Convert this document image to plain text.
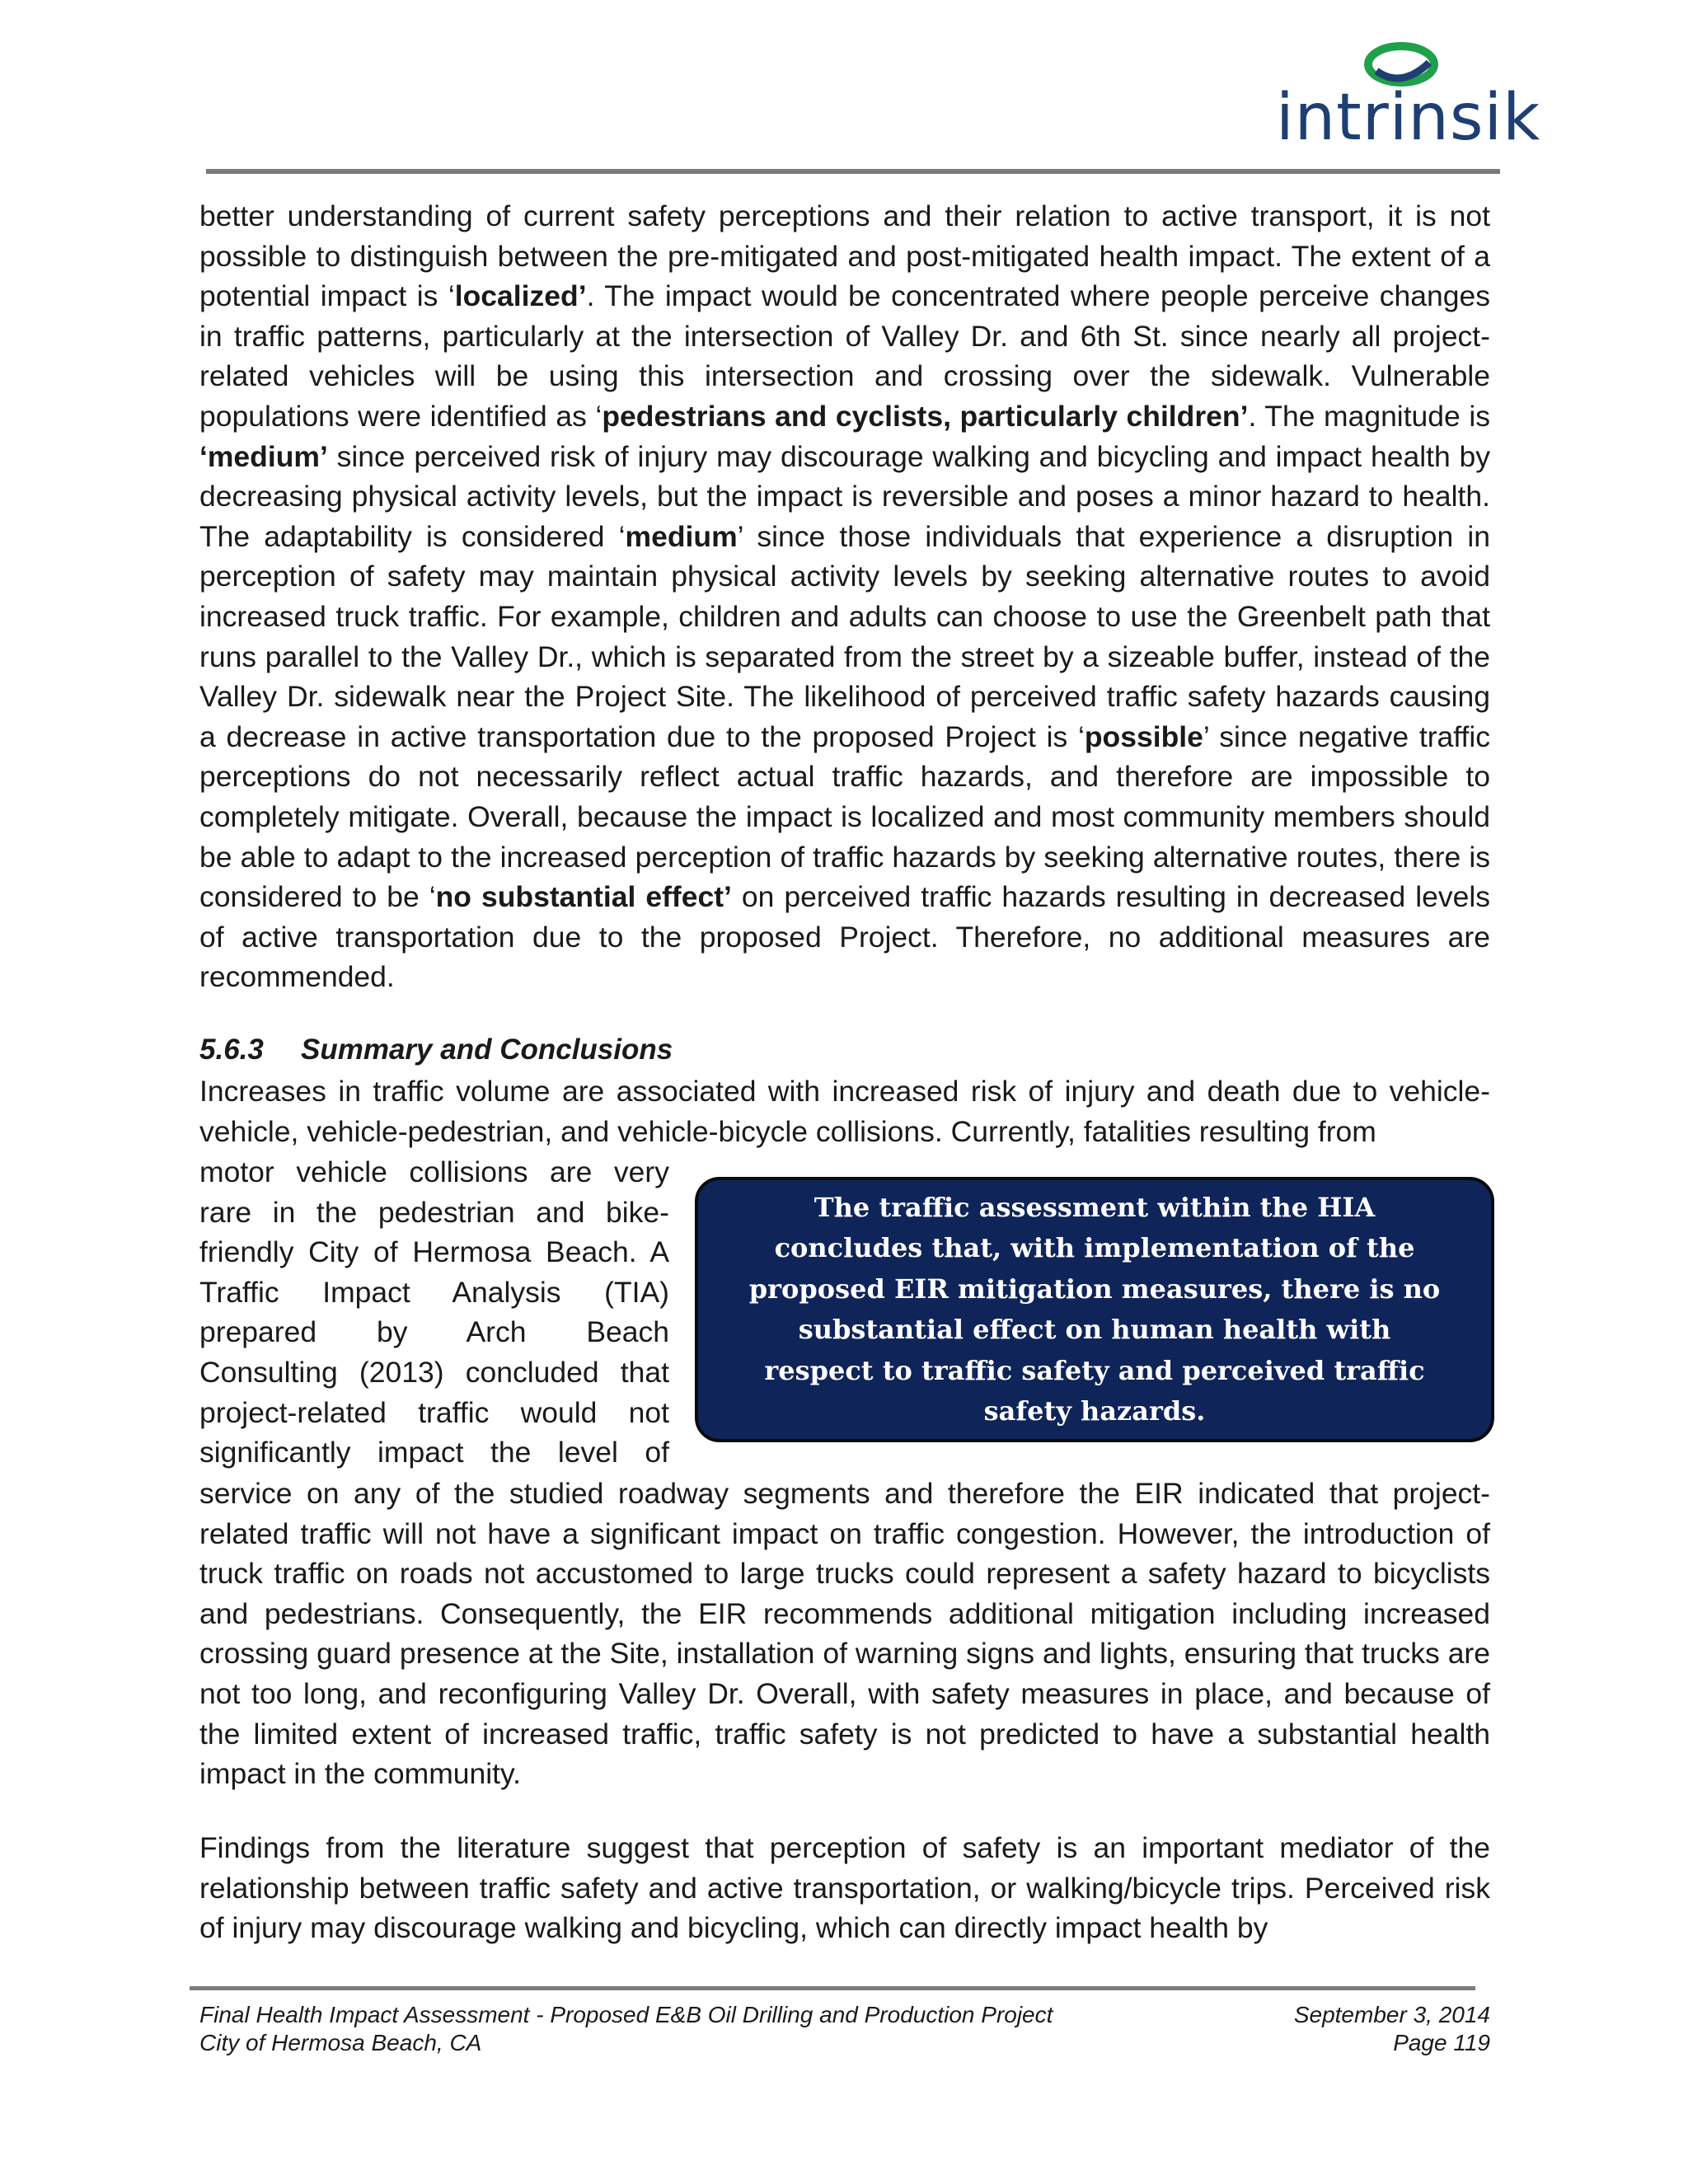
intrinsik
better understanding of current safety perceptions and their relation to active transport, it is not possible to distinguish between the pre-mitigated and post-mitigated health impact. The extent of a potential impact is ‘localized’. The impact would be concentrated where people perceive changes in traffic patterns, particularly at the intersection of Valley Dr. and 6th St. since nearly all project-related vehicles will be using this intersection and crossing over the sidewalk. Vulnerable populations were identified as ‘pedestrians and cyclists, particularly children’. The magnitude is ‘medium’ since perceived risk of injury may discourage walking and bicycling and impact health by decreasing physical activity levels, but the impact is reversible and poses a minor hazard to health. The adaptability is considered ‘medium’ since those individuals that experience a disruption in perception of safety may maintain physical activity levels by seeking alternative routes to avoid increased truck traffic. For example, children and adults can choose to use the Greenbelt path that runs parallel to the Valley Dr., which is separated from the street by a sizeable buffer, instead of the Valley Dr. sidewalk near the Project Site. The likelihood of perceived traffic safety hazards causing a decrease in active transportation due to the proposed Project is ‘possible’ since negative traffic perceptions do not necessarily reflect actual traffic hazards, and therefore are impossible to completely mitigate. Overall, because the impact is localized and most community members should be able to adapt to the increased perception of traffic hazards by seeking alternative routes, there is considered to be ‘no substantial effect’ on perceived traffic hazards resulting in decreased levels of active transportation due to the proposed Project. Therefore, no additional measures are recommended.
5.6.3 Summary and Conclusions
Increases in traffic volume are associated with increased risk of injury and death due to vehicle-vehicle, vehicle-pedestrian, and vehicle-bicycle collisions. Currently, fatalities resulting from
motor vehicle collisions are very
rare in the pedestrian and bike-
friendly City of Hermosa Beach. A
Traffic Impact Analysis (TIA)
prepared by Arch Beach
Consulting (2013) concluded that
project-related traffic would not
significantly impact the level of
The traffic assessment within the HIA concludes that, with implementation of the proposed EIR mitigation measures, there is no substantial effect on human health with respect to traffic safety and perceived traffic safety hazards.
service on any of the studied roadway segments and therefore the EIR indicated that project-related traffic will not have a significant impact on traffic congestion. However, the introduction of truck traffic on roads not accustomed to large trucks could represent a safety hazard to bicyclists and pedestrians. Consequently, the EIR recommends additional mitigation including increased crossing guard presence at the Site, installation of warning signs and lights, ensuring that trucks are not too long, and reconfiguring Valley Dr. Overall, with safety measures in place, and because of the limited extent of increased traffic, traffic safety is not predicted to have a substantial health impact in the community.
Findings from the literature suggest that perception of safety is an important mediator of the relationship between traffic safety and active transportation, or walking/bicycle trips. Perceived risk of injury may discourage walking and bicycling, which can directly impact health by
Final Health Impact Assessment - Proposed E&B Oil Drilling and Production Project	September 3, 2014
City of Hermosa Beach, CA	Page 119
